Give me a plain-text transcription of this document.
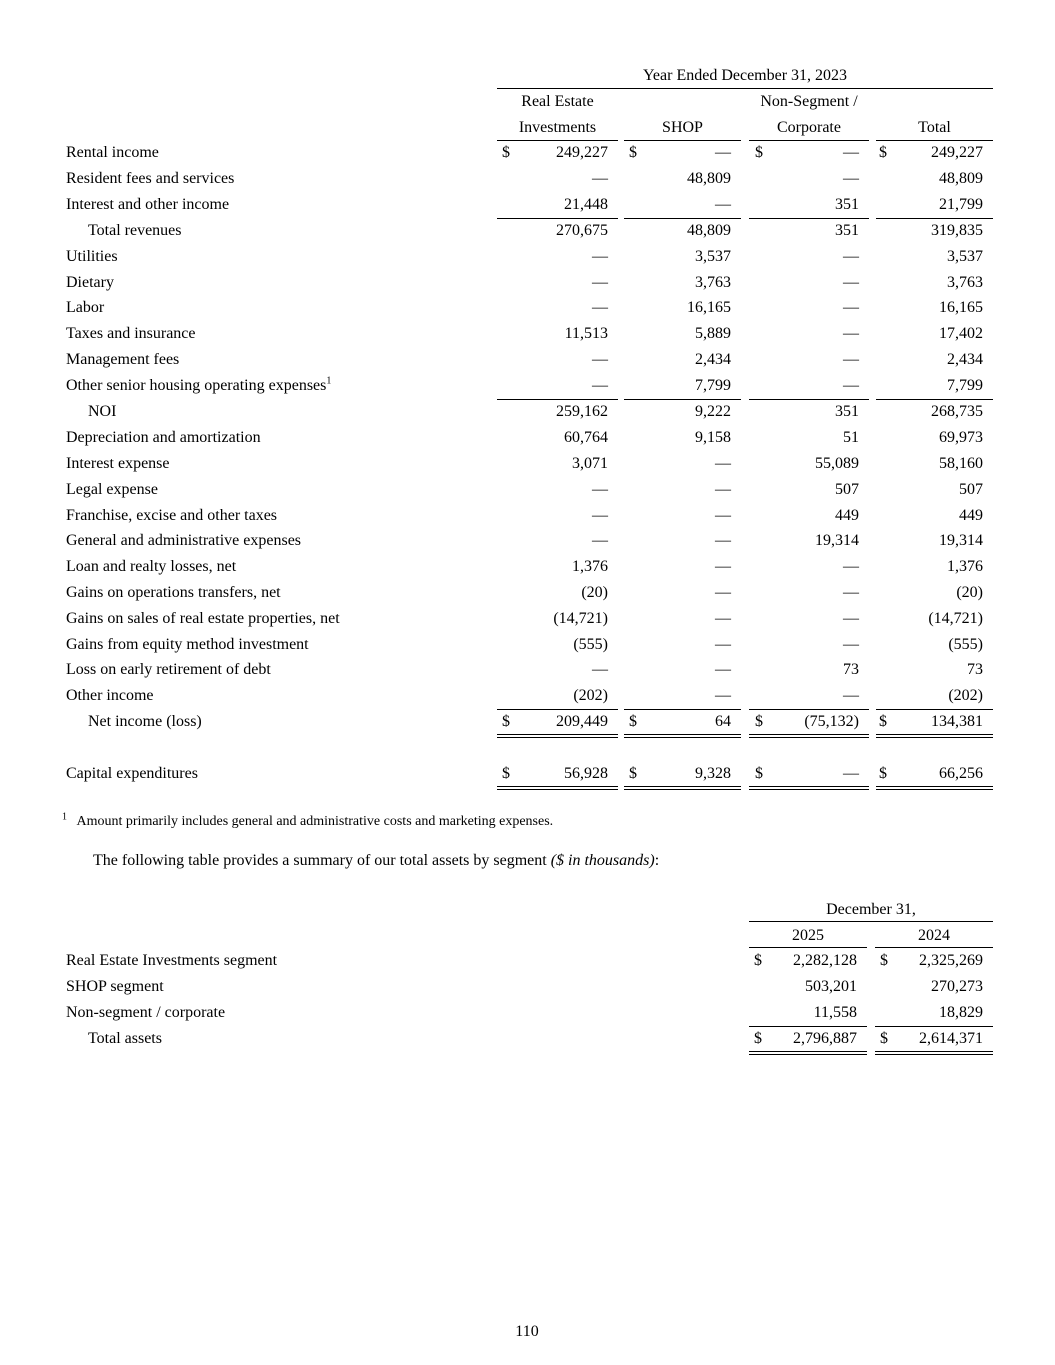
Year Ended December 31, 2023
Real Estate
Investments	SHOP
Non-Segment /
Corporate	Total
Rental income	$	249,227 $	— $	— $	249,227
Resident fees and services	—	48,809	—	48,809
Interest and other income	21,448	—	351	21,799
Total revenues	270,675	48,809	351	319,835
Utilities	—	3,537	—	3,537
Dietary	—	3,763	—	3,763
Labor	—	16,165	—	16,165
Taxes and insurance	11,513	5,889	—	17,402
Management fees	—	2,434	—	2,434
Other senior housing operating expenses$^1$	—	7,799	—	7,799
NOI	259,162	9,222	351	268,735
Depreciation and amortization	60,764	9,158	51	69,973
Interest expense	3,071	—	55,089	58,160
Legal expense	—	—	507	507
Franchise, excise and other taxes	—	—	449	449
General and administrative expenses	—	—	19,314	19,314
Loan and realty losses, net	1,376	—	—	1,376
Gains on operations transfers, net	(20)	—	—	(20)
Gains on sales of real estate properties, net	(14,721)	—	—	(14,721)
Gains from equity method investment	(555)	—	—	(555)
Loss on early retirement of debt	—	—	73	73
Other income	(202)	—	—	(202)
Net income (loss)	$	209,449 $	64 $	(75,132) $	134,381
Capital expenditures	$	56,928 $	9,328 $	— $	66,256
$^1$ Amount primarily includes general and administrative costs and marketing expenses.
The following table provides a summary of our total assets by segment ($ in thousands):
December 31,
2025	2024
Real Estate Investments segment	$	2,282,128 $	2,325,269
SHOP segment	503,201	270,273
Non-segment / corporate	11,558	18,829
Total assets	$	2,796,887 $	2,614,371
110
